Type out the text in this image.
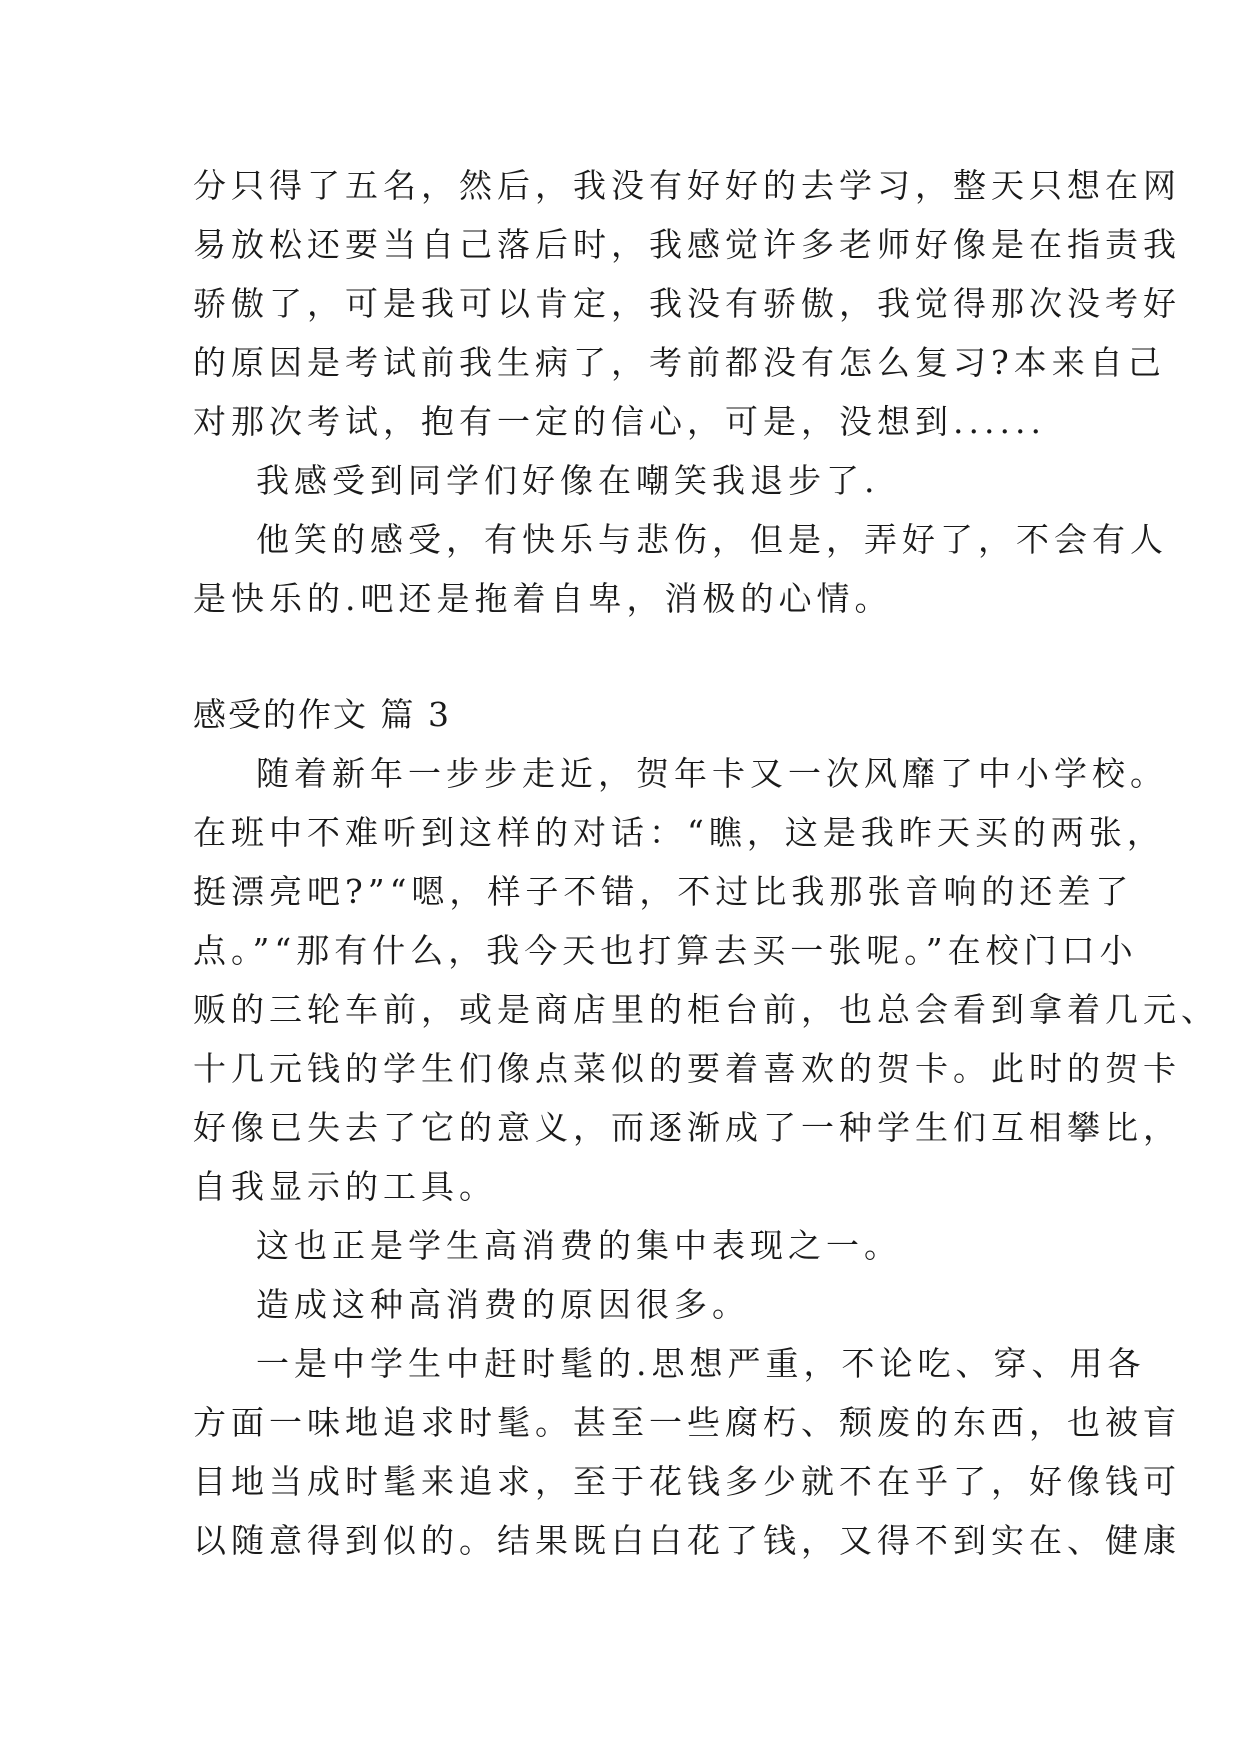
分只得了五名，然后，我没有好好的去学习，整天只想在网
易放松还要当自己落后时，我感觉许多老师好像是在指责我
骄傲了，可是我可以肯定，我没有骄傲，我觉得那次没考好
的原因是考试前我生病了，考前都没有怎么复习?本来自己
对那次考试，抱有一定的信心，可是，没想到......
我感受到同学们好像在嘲笑我退步了.
他笑的感受，有快乐与悲伤，但是，弄好了，不会有人
是快乐的.吧还是拖着自卑，消极的心情。
感受的作文 篇 3
随着新年一步步走近，贺年卡又一次风靡了中小学校。
在班中不难听到这样的对话：“瞧，这是我昨天买的两张，
挺漂亮吧?”“嗯，样子不错，不过比我那张音响的还差了
点。”“那有什么，我今天也打算去买一张呢。”在校门口小
贩的三轮车前，或是商店里的柜台前，也总会看到拿着几元、
十几元钱的学生们像点菜似的要着喜欢的贺卡。此时的贺卡
好像已失去了它的意义，而逐渐成了一种学生们互相攀比，
自我显示的工具。
这也正是学生高消费的集中表现之一。
造成这种高消费的原因很多。
一是中学生中赶时髦的.思想严重，不论吃、穿、用各
方面一味地追求时髦。甚至一些腐朽、颓废的东西，也被盲
目地当成时髦来追求，至于花钱多少就不在乎了，好像钱可
以随意得到似的。结果既白白花了钱，又得不到实在、健康
